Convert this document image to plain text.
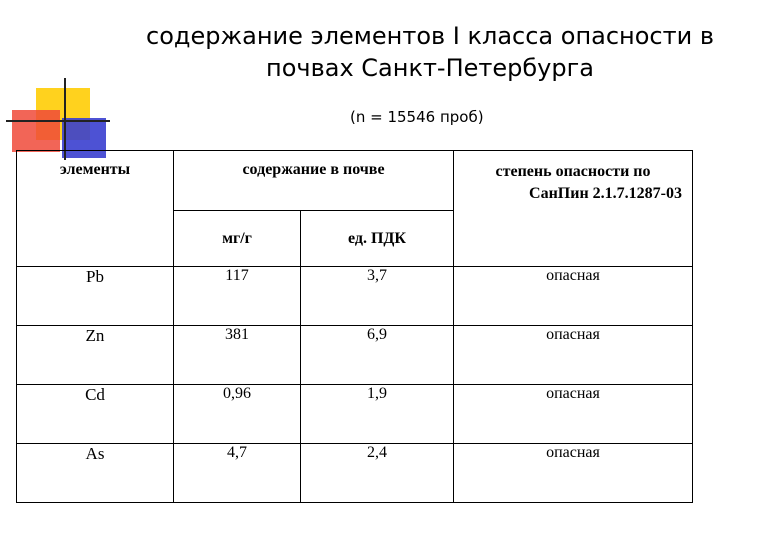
содержание элементов I класса опасности в почвах Санкт-Петербурга
(n = 15546 проб)
элементы	содержание в почве		степень опасности по
СанПин 2.1.7.1287-03

	мг/г	ед. ПДК	
Pb	117	3,7	опасная
Zn	381	6,9	опасная
Cd	0,96	1,9	опасная
As	4,7	2,4	опасная
